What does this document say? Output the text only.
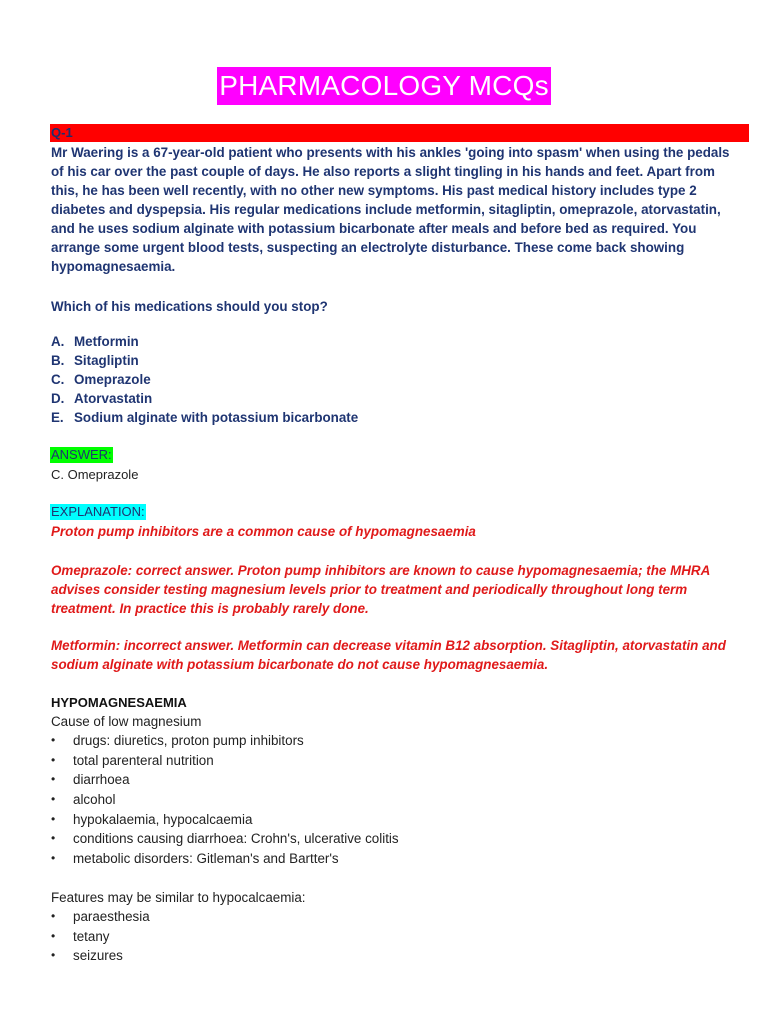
PHARMACOLOGY MCQs
Q-1

Mr Waering is a 67-year-old patient who presents with his ankles 'going into spasm' when using the pedals of his car over the past couple of days. He also reports a slight tingling in his hands and feet. Apart from this, he has been well recently, with no other new symptoms. His past medical history includes type 2 diabetes and dyspepsia. His regular medications include metformin, sitagliptin, omeprazole, atorvastatin, and he uses sodium alginate with potassium bicarbonate after meals and before bed as required. You arrange some urgent blood tests, suspecting an electrolyte disturbance. These come back showing hypomagnesaemia.

Which of his medications should you stop?
A. Metformin
B. Sitagliptin
C. Omeprazole
D. Atorvastatin
E. Sodium alginate with potassium bicarbonate
ANSWER:
C. Omeprazole
EXPLANATION:
Proton pump inhibitors are a common cause of hypomagnesaemia
Omeprazole: correct answer. Proton pump inhibitors are known to cause hypomagnesaemia; the MHRA advises consider testing magnesium levels prior to treatment and periodically throughout long term treatment. In practice this is probably rarely done.
Metformin: incorrect answer. Metformin can decrease vitamin B12 absorption. Sitagliptin, atorvastatin and sodium alginate with potassium bicarbonate do not cause hypomagnesaemia.
HYPOMAGNESAEMIA
Cause of low magnesium
•	drugs: diuretics, proton pump inhibitors
•	total parenteral nutrition
•	diarrhoea
•	alcohol
•	hypokalaemia, hypocalcaemia
•	conditions causing diarrhoea: Crohn's, ulcerative colitis
•	metabolic disorders: Gitleman's and Bartter's
Features may be similar to hypocalcaemia:
•	paraesthesia
•	tetany
•	seizures
